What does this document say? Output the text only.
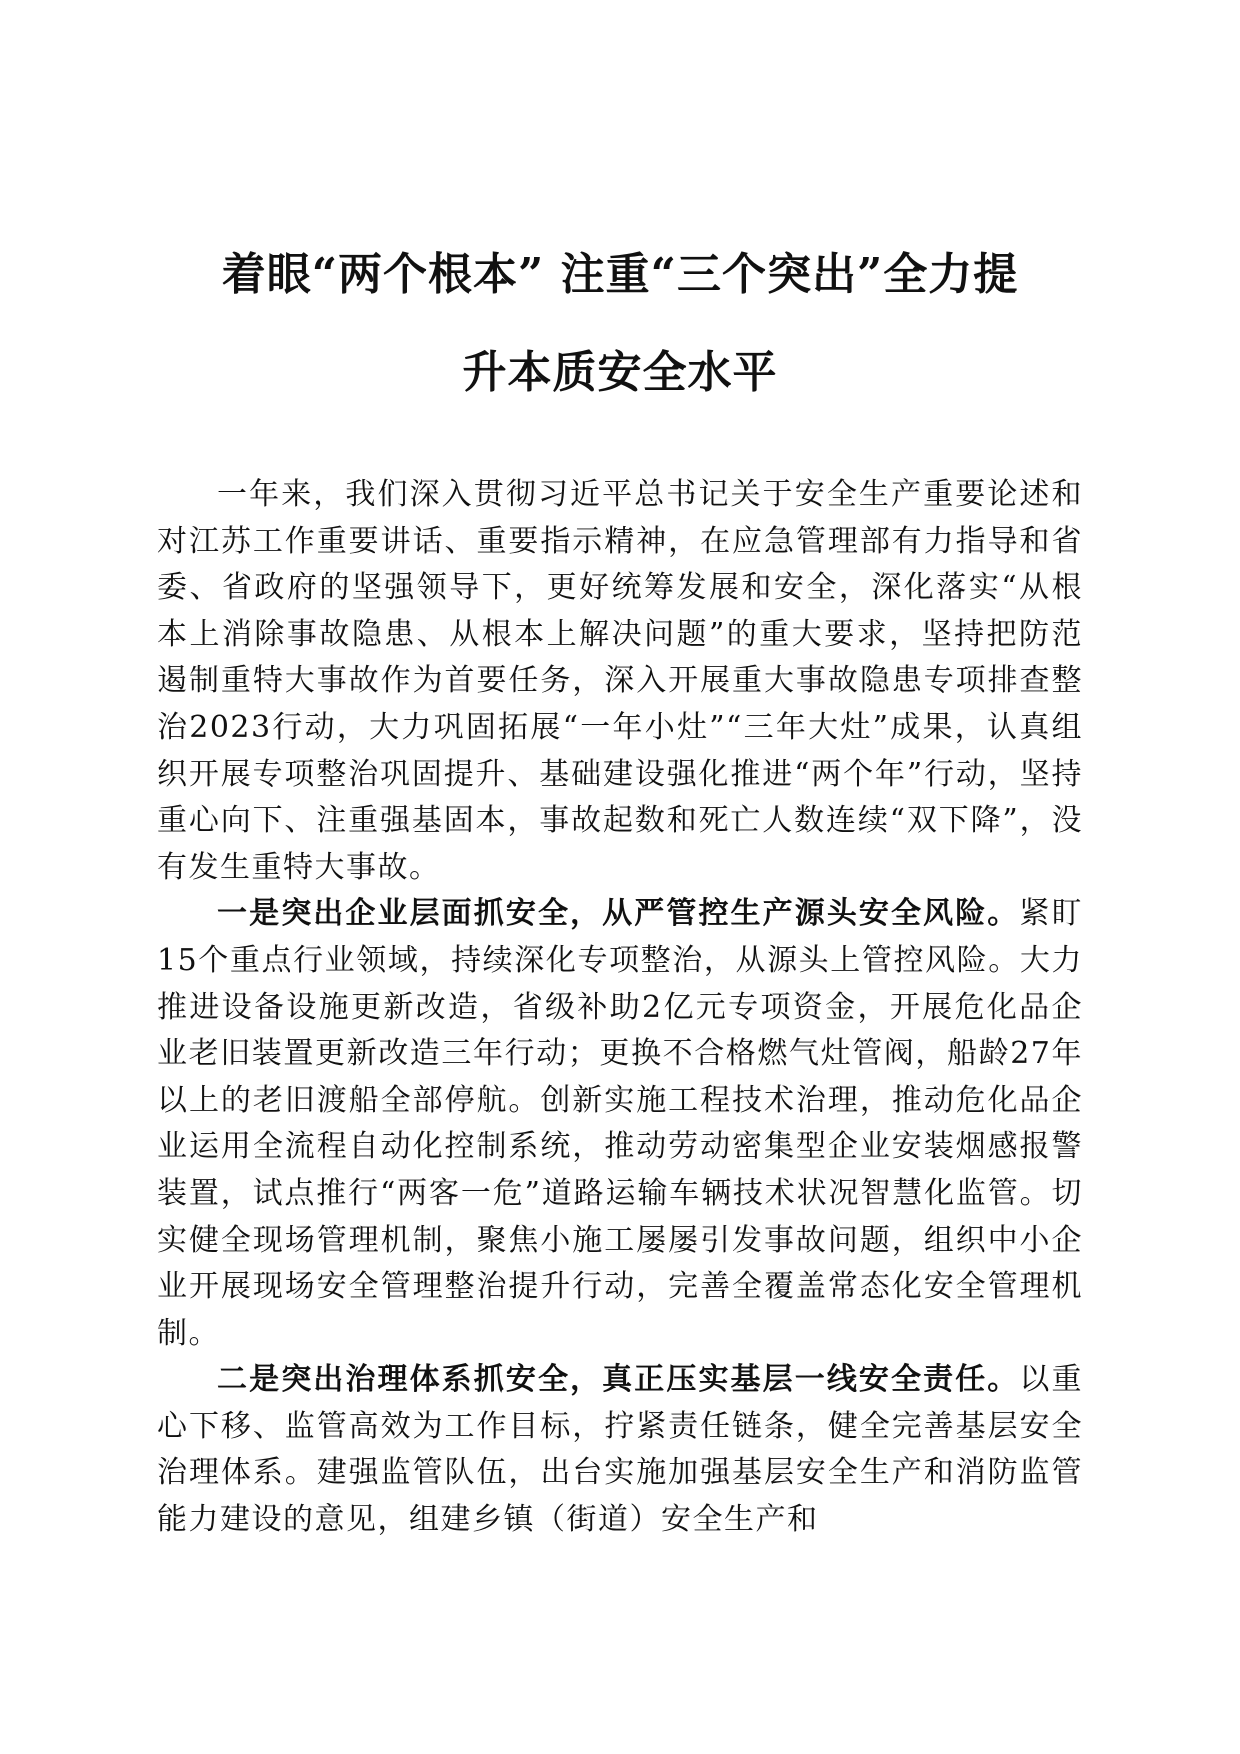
着眼“两个根本” 注重“三个突出”全力提
升本质安全水平

一年来，我们深入贯彻习近平总书记关于安全生产重要论述和对江苏工作重要讲话、重要指示精神，在应急管理部有力指导和省委、省政府的坚强领导下，更好统筹发展和安全，深化落实“从根本上消除事故隐患、从根本上解决问题”的重大要求，坚持把防范遏制重特大事故作为首要任务，深入开展重大事故隐患专项排查整治2023行动，大力巩固拓展“一年小灶”“三年大灶”成果，认真组织开展专项整治巩固提升、基础建设强化推进“两个年”行动，坚持重心向下、注重强基固本，事故起数和死亡人数连续“双下降”，没有发生重特大事故。

一是突出企业层面抓安全，从严管控生产源头安全风险。紧盯15个重点行业领域，持续深化专项整治，从源头上管控风险。大力推进设备设施更新改造，省级补助2亿元专项资金，开展危化品企业老旧装置更新改造三年行动；更换不合格燃气灶管阀，船龄27年以上的老旧渡船全部停航。创新实施工程技术治理，推动危化品企业运用全流程自动化控制系统，推动劳动密集型企业安装烟感报警装置，试点推行“两客一危”道路运输车辆技术状况智慧化监管。切实健全现场管理机制，聚焦小施工屡屡引发事故问题，组织中小企业开展现场安全管理整治提升行动，完善全覆盖常态化安全管理机制。

二是突出治理体系抓安全，真正压实基层一线安全责任。以重心下移、监管高效为工作目标，拧紧责任链条，健全完善基层安全治理体系。建强监管队伍，出台实施加强基层安全生产和消防监管能力建设的意见，组建乡镇（街道）安全生产和
